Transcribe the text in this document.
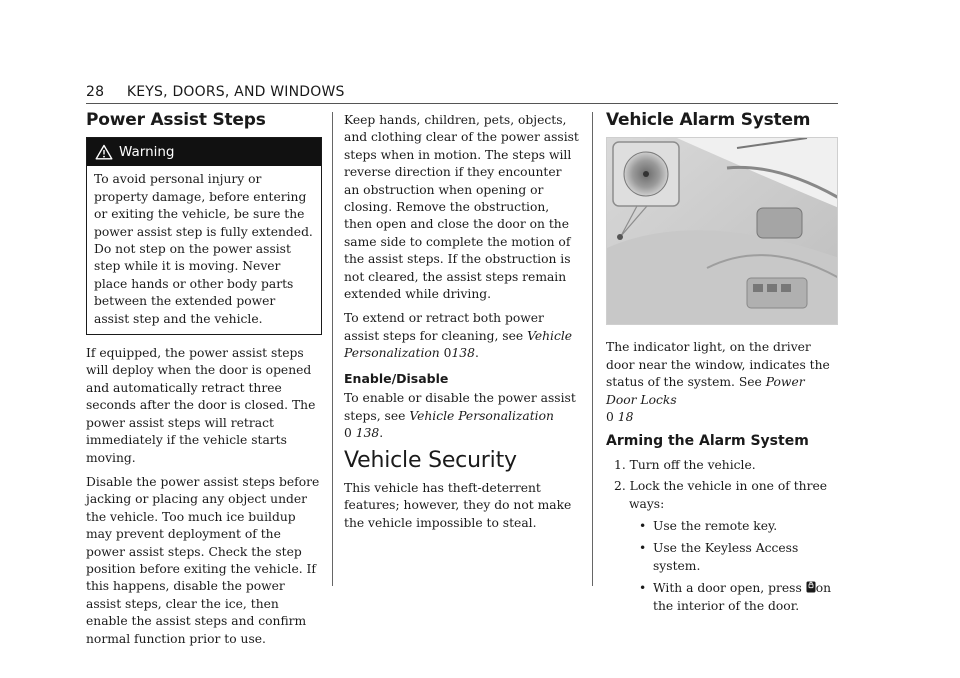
28 KEYS, DOORS, AND WINDOWS
Power Assist Steps
Warning
To avoid personal injury or property damage, before entering or exiting the vehicle, be sure the power assist step is fully extended. Do not step on the power assist step while it is moving. Never place hands or other body parts between the extended power assist step and the vehicle.

If equipped, the power assist steps will deploy when the door is opened and automatically retract three seconds after the door is closed. The power assist steps will retract immediately if the vehicle starts moving.

Disable the power assist steps before jacking or placing any object under the vehicle. Too much ice buildup may prevent deployment of the power assist steps. Check the step position before exiting the vehicle. If this happens, disable the power assist steps, clear the ice, then enable the assist steps and confirm normal function prior to use.

Keep hands, children, pets, objects, and clothing clear of the power assist steps when in motion. The steps will reverse direction if they encounter an obstruction when opening or closing. Remove the obstruction, then open and close the door on the same side to complete the motion of the assist steps. If the obstruction is not cleared, the assist steps remain extended while driving.

To extend or retract both power assist steps for cleaning, see Vehicle Personalization 0138.

Enable/Disable

To enable or disable the power assist steps, see Vehicle Personalization
0 138.

Vehicle Security

This vehicle has theft-deterrent features; however, they do not make the vehicle impossible to steal.

Vehicle Alarm System

The indicator light, on the driver door near the window, indicates the status of the system. See Power Door Locks
0 18

Arming the Alarm System
1. Turn off the vehicle.
2. Lock the vehicle in one of three ways:
• Use the remote key.
• Use the Keyless Access system.
• With a door open, press on the interior of the door.
